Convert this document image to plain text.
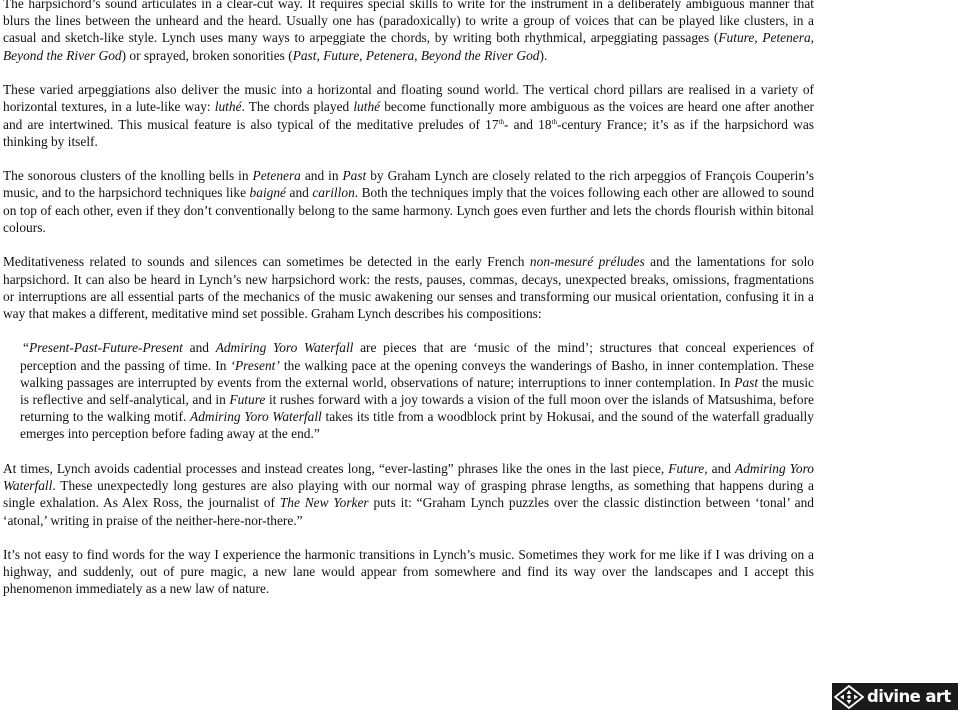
The harpsichord’s sound articulates in a clear-cut way. It requires special skills to write for the instrument in a deliberately ambiguous manner that blurs the lines between the unheard and the heard. Usually one has (paradoxically) to write a group of voices that can be played like clusters, in a casual and sketch-like style. Lynch uses many ways to arpeggiate the chords, by writing both rhythmical, arpeggiating passages (Future, Petenera, Beyond the River God) or sprayed, broken sonorities (Past, Future, Petenera, Beyond the River God).

These varied arpeggiations also deliver the music into a horizontal and floating sound world. The vertical chord pillars are realised in a variety of horizontal textures, in a lute-like way: luthé. The chords played luthé become functionally more ambiguous as the voices are heard one after another and are intertwined. This musical feature is also typical of the meditative preludes of 17th- and 18th-century France; it’s as if the harpsichord was thinking by itself.

The sonorous clusters of the knolling bells in Petenera and in Past by Graham Lynch are closely related to the rich arpeggios of François Couperin’s music, and to the harpsichord techniques like baigné and carillon. Both the techniques imply that the voices following each other are allowed to sound on top of each other, even if they don’t conventionally belong to the same harmony. Lynch goes even further and lets the chords flourish within bitonal colours.

Meditativeness related to sounds and silences can sometimes be detected in the early French non-mesuré préludes and the lamentations for solo harpsichord. It can also be heard in Lynch’s new harpsichord work: the rests, pauses, commas, decays, unexpected breaks, omissions, fragmentations or interruptions are all essential parts of the mechanics of the music awakening our senses and transforming our musical orientation, confusing it in a way that makes a different, meditative mind set possible. Graham Lynch describes his compositions:

“Present-Past-Future-Present and Admiring Yoro Waterfall are pieces that are ‘music of the mind’; structures that conceal experiences of perception and the passing of time. In ‘Present’ the walking pace at the opening conveys the wanderings of Basho, in inner contemplation. These walking passages are interrupted by events from the external world, observations of nature; interruptions to inner contemplation. In Past the music is reflective and self-analytical, and in Future it rushes forward with a joy towards a vision of the full moon over the islands of Matsushima, before returning to the walking motif. Admiring Yoro Waterfall takes its title from a woodblock print by Hokusai, and the sound of the waterfall gradually emerges into perception before fading away at the end.”

At times, Lynch avoids cadential processes and instead creates long, “ever-lasting” phrases like the ones in the last piece, Future, and Admiring Yoro Waterfall. These unexpectedly long gestures are also playing with our normal way of grasping phrase lengths, as something that happens during a single exhalation. As Alex Ross, the journalist of The New Yorker puts it: “Graham Lynch puzzles over the classic distinction between ‘tonal’ and ‘atonal,’ writing in praise of the neither-here-nor-there.”

It’s not easy to find words for the way I experience the harmonic transitions in Lynch’s music. Sometimes they work for me like if I was driving on a highway, and suddenly, out of pure magic, a new lane would appear from somewhere and find its way over the landscapes and I accept this phenomenon immediately as a new law of nature.

divine art
